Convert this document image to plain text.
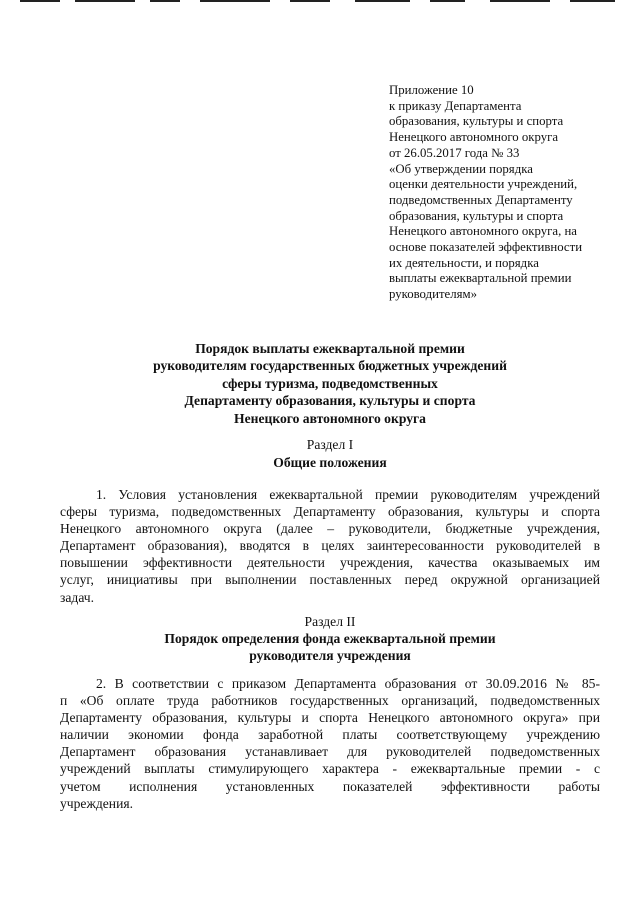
Приложение 10
к приказу Департамента
образования, культуры и спорта
Ненецкого автономного округа
от 26.05.2017 года № 33
«Об утверждении порядка
оценки деятельности учреждений,
подведомственных Департаменту
образования, культуры и спорта
Ненецкого автономного округа, на
основе показателей эффективности
их деятельности, и порядка
выплаты ежеквартальной премии
руководителям»
Порядок выплаты ежеквартальной премии
руководителям государственных бюджетных учреждений
сферы туризма, подведомственных
Департаменту образования, культуры и спорта
Ненецкого автономного округа
Раздел I
Общие положения
1. Условия установления ежеквартальной премии руководителям учреждений
сферы туризма, подведомственных Департаменту образования, культуры и спорта
Ненецкого автономного округа (далее – руководители, бюджетные учреждения,
Департамент образования), вводятся в целях заинтересованности руководителей в
повышении эффективности деятельности учреждения, качества оказываемых им
услуг, инициативы при выполнении поставленных перед окружной организацией
задач.
Раздел II
Порядок определения фонда ежеквартальной премии
руководителя учреждения
2. В соответствии с приказом Департамента образования от 30.09.2016 № 85-
п «Об оплате труда работников государственных организаций, подведомственных
Департаменту образования, культуры и спорта Ненецкого автономного округа» при
наличии экономии фонда заработной платы соответствующему учреждению
Департамент образования устанавливает для руководителей подведомственных
учреждений выплаты стимулирующего характера - ежеквартальные премии - с
учетом исполнения установленных показателей эффективности работы
учреждения.
